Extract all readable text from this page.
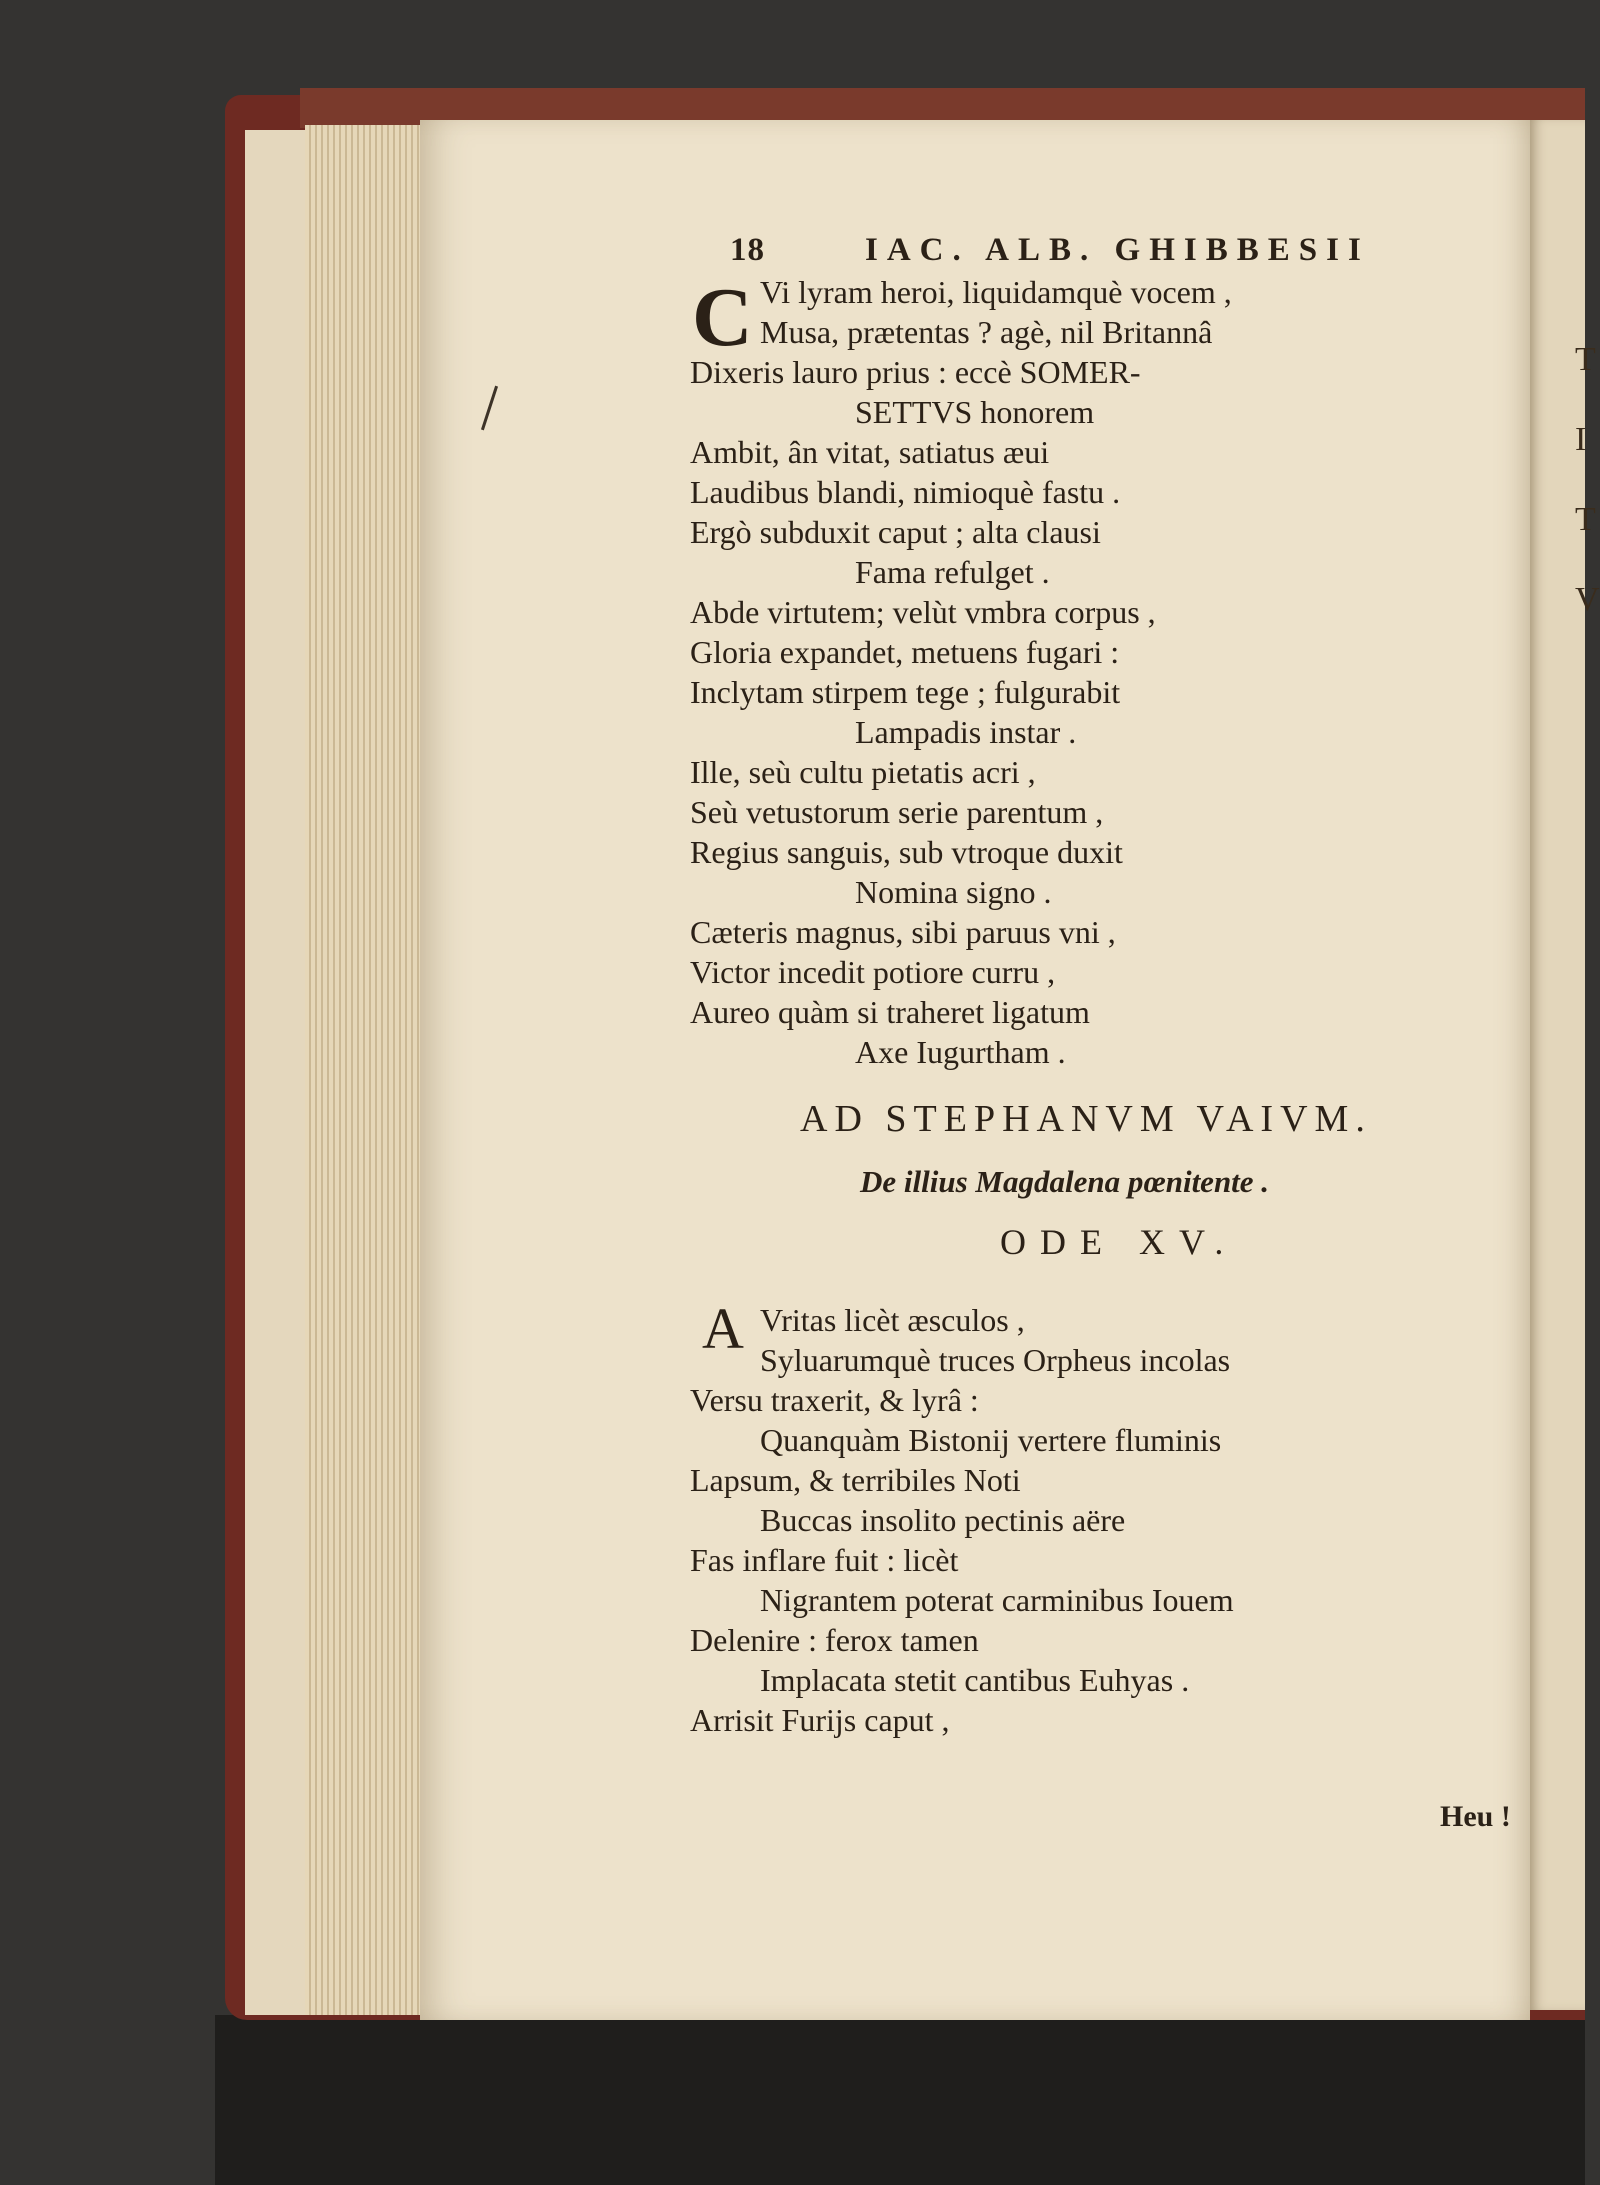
T
I
T
V
18	IAC. ALB. GHIBBESII
C Vi lyram heroi, liquidamquè vocem ,
Musa, prætentas ? agè, nil Britannâ
Dixeris lauro prius : eccè SOMER-
SETTVS honorem
Ambit, ân vitat, satiatus æui
Laudibus blandi, nimioquè fastu .
Ergò subduxit caput ; alta clausi
Fama refulget .
Abde virtutem; velùt vmbra corpus ,
Gloria expandet, metuens fugari :
Inclytam stirpem tege ; fulgurabit
Lampadis instar .
Ille, seù cultu pietatis acri ,
Seù vetustorum serie parentum ,
Regius sanguis, sub vtroque duxit
Nomina signo .
Cæteris magnus, sibi paruus vni ,
Victor incedit potiore curru ,
Aureo quàm si traheret ligatum
Axe Iugurtham .
AD STEPHANVM VAIVM.
De illius Magdalena pœnitente .
ODE XV.
A Vritas licèt æsculos ,
Syluarumquè truces Orpheus incolas
Versu traxerit, & lyrâ :
Quanquàm Bistonij vertere fluminis
Lapsum, & terribiles Noti
Buccas insolito pectinis aëre
Fas inflare fuit : licèt
Nigrantem poterat carminibus Iouem
Delenire : ferox tamen
Implacata stetit cantibus Euhyas .
Arrisit Furijs caput ,
Heu !
